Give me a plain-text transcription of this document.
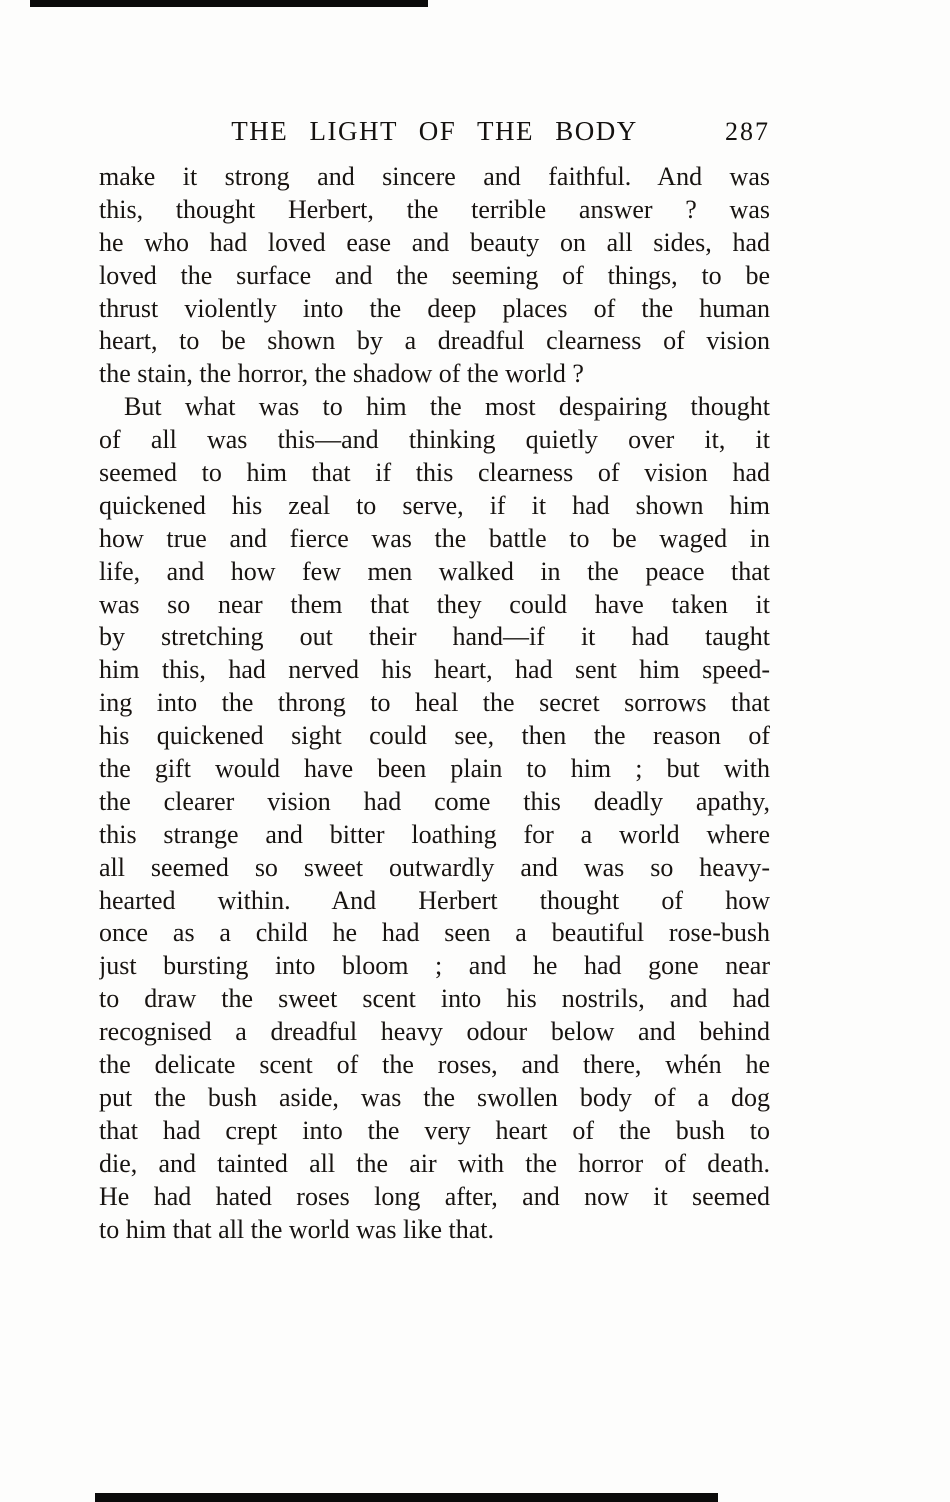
THE LIGHT OF THE BODY	287
make it strong and sincere and faithful. And was
this, thought Herbert, the terrible answer ? was
he who had loved ease and beauty on all sides, had
loved the surface and the seeming of things, to be
thrust violently into the deep places of the human
heart, to be shown by a dreadful clearness of vision
the stain, the horror, the shadow of the world ?
But what was to him the most despairing thought
of all was this—and thinking quietly over it, it
seemed to him that if this clearness of vision had
quickened his zeal to serve, if it had shown him
how true and fierce was the battle to be waged in
life, and how few men walked in the peace that
was so near them that they could have taken it
by stretching out their hand—if it had taught
him this, had nerved his heart, had sent him speed-
ing into the throng to heal the secret sorrows that
his quickened sight could see, then the reason of
the gift would have been plain to him ; but with
the clearer vision had come this deadly apathy,
this strange and bitter loathing for a world where
all seemed so sweet outwardly and was so heavy-
hearted within. And Herbert thought of how
once as a child he had seen a beautiful rose-bush
just bursting into bloom ; and he had gone near
to draw the sweet scent into his nostrils, and had
recognised a dreadful heavy odour below and behind
the delicate scent of the roses, and there, whén he
put the bush aside, was the swollen body of a dog
that had crept into the very heart of the bush to
die, and tainted all the air with the horror of death.
He had hated roses long after, and now it seemed
to him that all the world was like that.
